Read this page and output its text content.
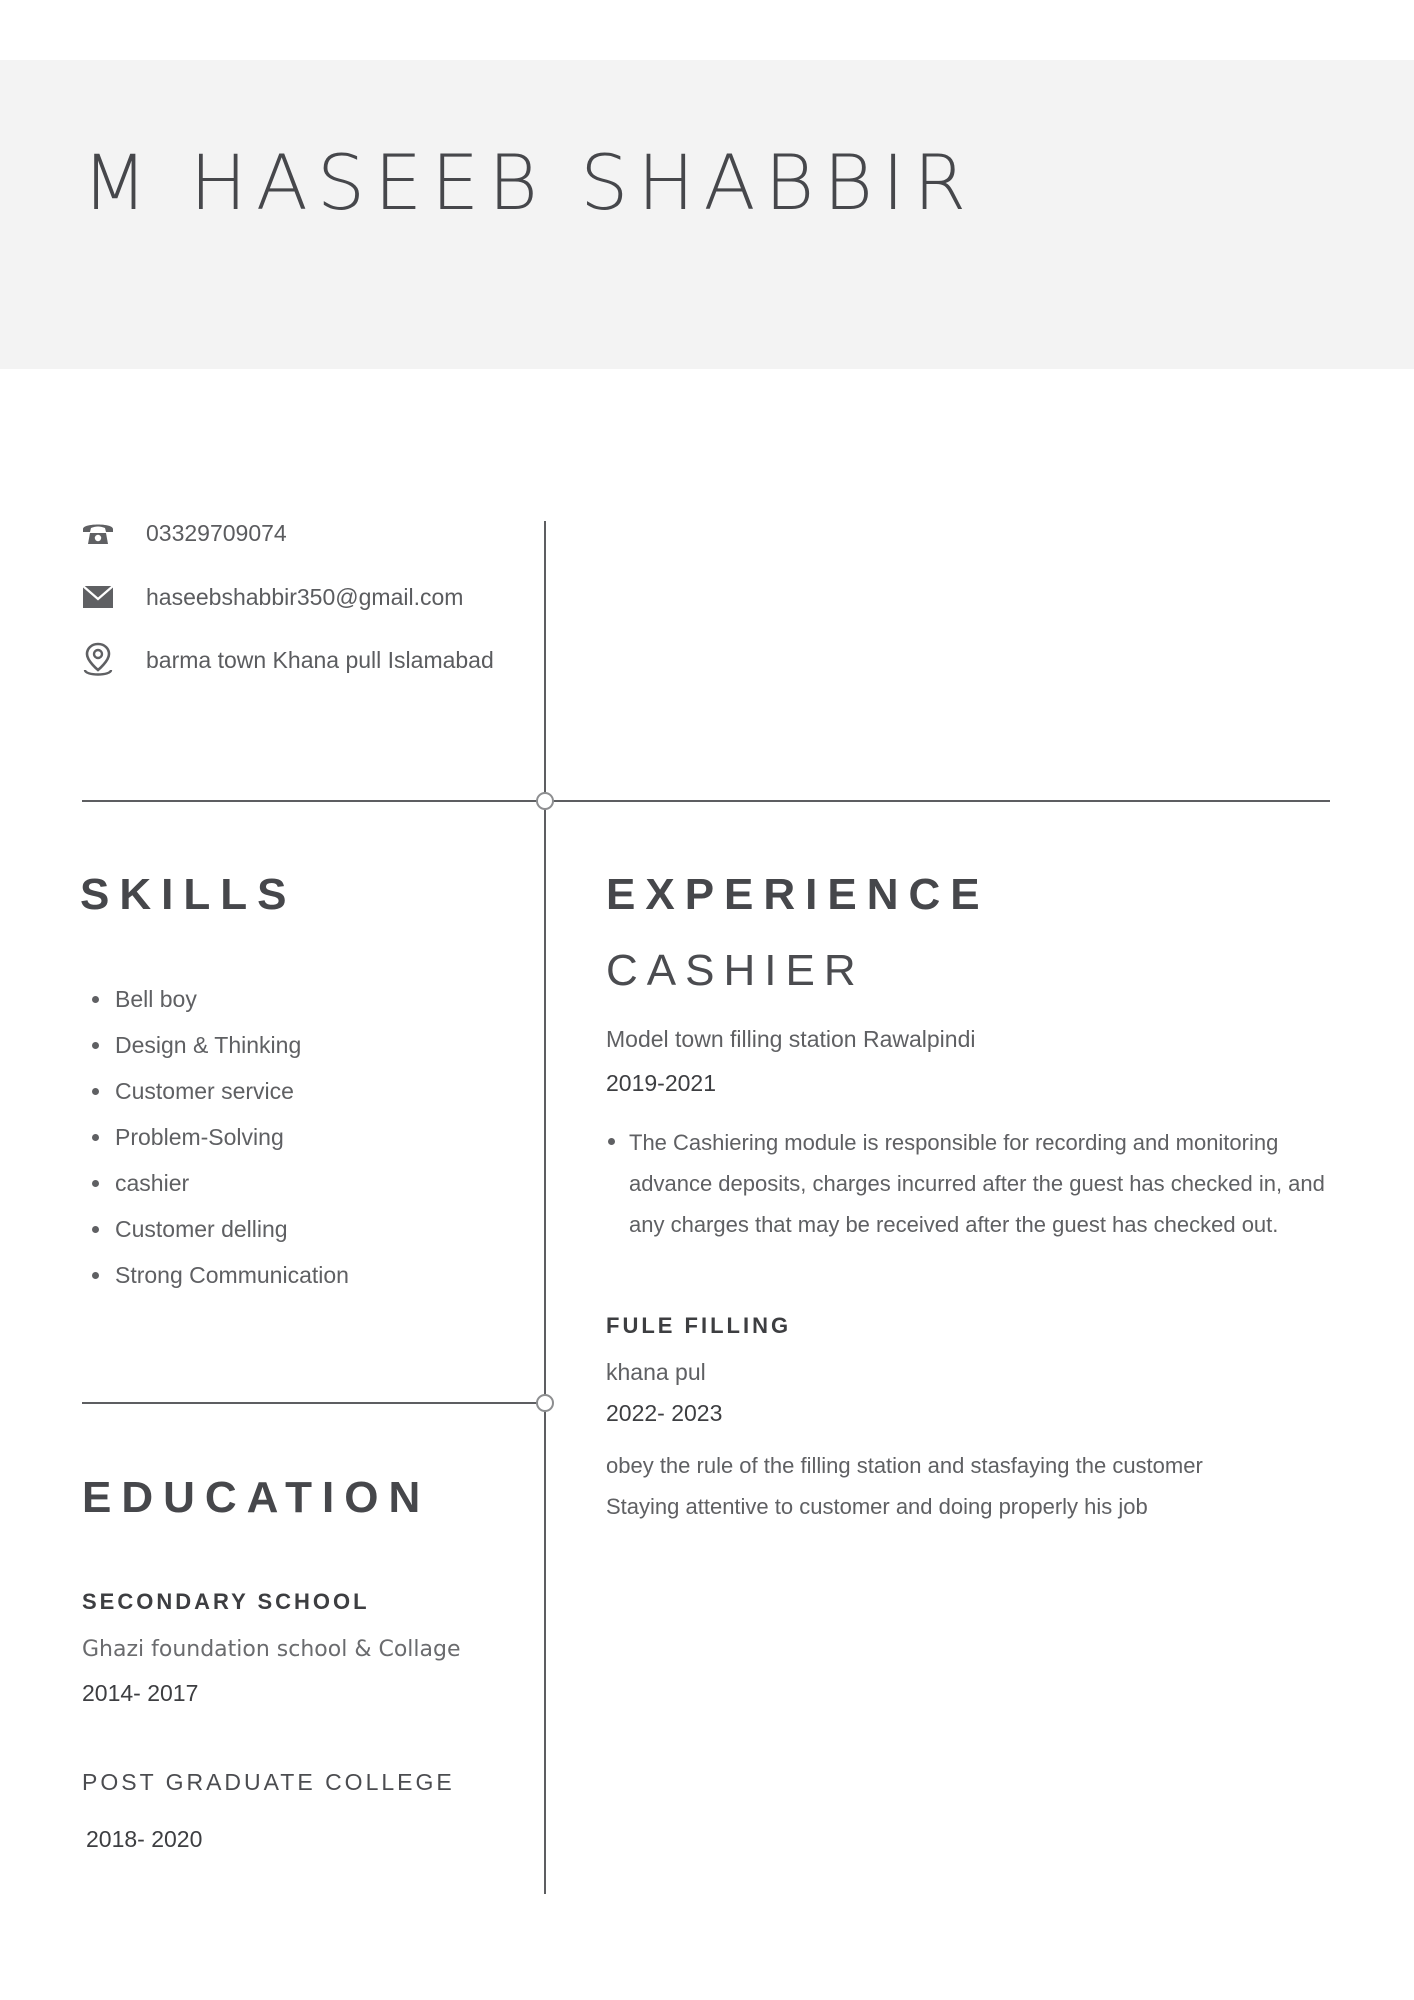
M HASEEB SHABBIR
03329709074
haseebshabbir350@gmail.com
barma town Khana pull Islamabad
SKILLS
Bell boy
Design & Thinking
Customer service
Problem-Solving
cashier
Customer delling
Strong Communication
EXPERIENCE
CASHIER
Model town filling station Rawalpindi
2019-2021

The Cashiering module is responsible for recording and monitoring advance deposits, charges incurred after the guest has checked in, and any charges that may be received after the guest has checked out.

FULE FILLING
khana pul
2022- 2023
obey the rule of the filling station and stasfaying the customer
Staying attentive to customer and doing properly his job
EDUCATION
SECONDARY SCHOOL
Ghazi foundation school & Collage
2014- 2017
POST GRADUATE COLLEGE
2018- 2020
